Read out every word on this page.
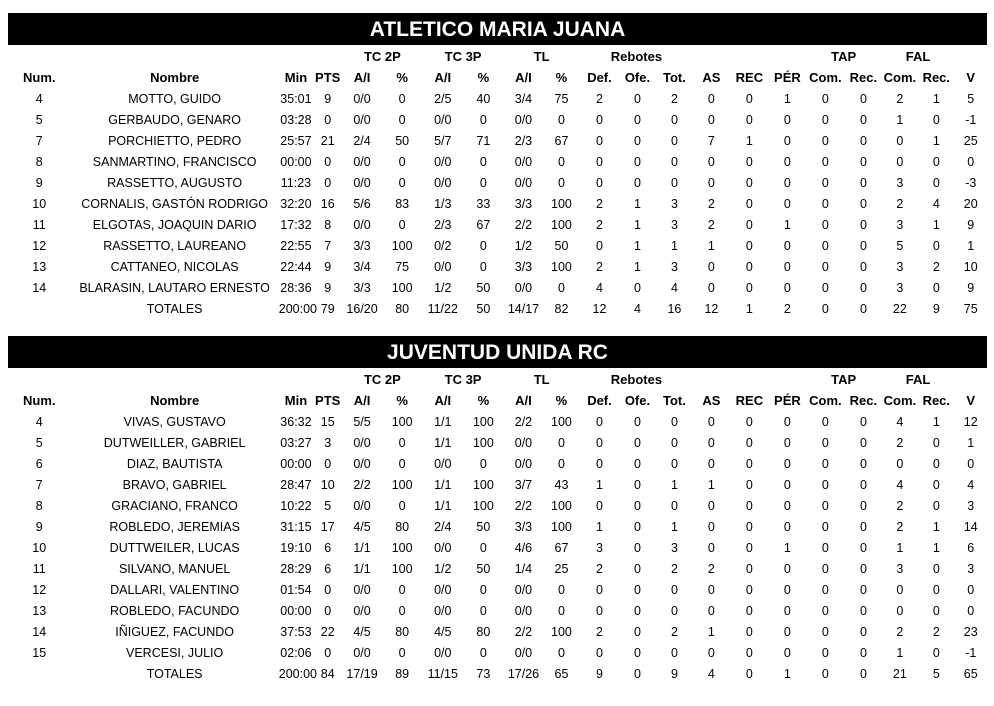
ATLETICO MARIA JUANA
				TC 2P		TC 3P		TL		Rebotes						TAP		FAL		
Num.	Nombre	Min	PTS	A/I	%	A/I	%	A/I	%	Def.	Ofe.	Tot.	AS	REC	PÉR	Com.	Rec.	Com.	Rec.	V
4	MOTTO, GUIDO	35:01	9	0/0	0	2/5	40	3/4	75	2	0	2	0	0	1	0	0	2	1	5
5	GERBAUDO, GENARO	03:28	0	0/0	0	0/0	0	0/0	0	0	0	0	0	0	0	0	0	1	0	-1
7	PORCHIETTO, PEDRO	25:57	21	2/4	50	5/7	71	2/3	67	0	0	0	7	1	0	0	0	0	1	25
8	SANMARTINO, FRANCISCO	00:00	0	0/0	0	0/0	0	0/0	0	0	0	0	0	0	0	0	0	0	0	0
9	RASSETTO, AUGUSTO	11:23	0	0/0	0	0/0	0	0/0	0	0	0	0	0	0	0	0	0	3	0	-3
10	CORNALIS, GASTÓN RODRIGO	32:20	16	5/6	83	1/3	33	3/3	100	2	1	3	2	0	0	0	0	2	4	20
11	ELGOTAS, JOAQUIN DARIO	17:32	8	0/0	0	2/3	67	2/2	100	2	1	3	2	0	1	0	0	3	1	9
12	RASSETTO, LAUREANO	22:55	7	3/3	100	0/2	0	1/2	50	0	1	1	1	0	0	0	0	5	0	1
13	CATTANEO, NICOLAS	22:44	9	3/4	75	0/0	0	3/3	100	2	1	3	0	0	0	0	0	3	2	10
14	BLARASIN, LAUTARO ERNESTO	28:36	9	3/3	100	1/2	50	0/0	0	4	0	4	0	0	0	0	0	3	0	9
	TOTALES	200:00	79	16/20	80	11/22	50	14/17	82	12	4	16	12	1	2	0	0	22	9	75
JUVENTUD UNIDA RC
				TC 2P		TC 3P		TL		Rebotes						TAP		FAL		
Num.	Nombre	Min	PTS	A/I	%	A/I	%	A/I	%	Def.	Ofe.	Tot.	AS	REC	PÉR	Com.	Rec.	Com.	Rec.	V
4	VIVAS, GUSTAVO	36:32	15	5/5	100	1/1	100	2/2	100	0	0	0	0	0	0	0	0	4	1	12
5	DUTWEILLER, GABRIEL	03:27	3	0/0	0	1/1	100	0/0	0	0	0	0	0	0	0	0	0	2	0	1
6	DIAZ, BAUTISTA	00:00	0	0/0	0	0/0	0	0/0	0	0	0	0	0	0	0	0	0	0	0	0
7	BRAVO, GABRIEL	28:47	10	2/2	100	1/1	100	3/7	43	1	0	1	1	0	0	0	0	4	0	4
8	GRACIANO, FRANCO	10:22	5	0/0	0	1/1	100	2/2	100	0	0	0	0	0	0	0	0	2	0	3
9	ROBLEDO, JEREMIAS	31:15	17	4/5	80	2/4	50	3/3	100	1	0	1	0	0	0	0	0	2	1	14
10	DUTTWEILER, LUCAS	19:10	6	1/1	100	0/0	0	4/6	67	3	0	3	0	0	1	0	0	1	1	6
11	SILVANO, MANUEL	28:29	6	1/1	100	1/2	50	1/4	25	2	0	2	2	0	0	0	0	3	0	3
12	DALLARI, VALENTINO	01:54	0	0/0	0	0/0	0	0/0	0	0	0	0	0	0	0	0	0	0	0	0
13	ROBLEDO, FACUNDO	00:00	0	0/0	0	0/0	0	0/0	0	0	0	0	0	0	0	0	0	0	0	0
14	IÑIGUEZ, FACUNDO	37:53	22	4/5	80	4/5	80	2/2	100	2	0	2	1	0	0	0	0	2	2	23
15	VERCESI, JULIO	02:06	0	0/0	0	0/0	0	0/0	0	0	0	0	0	0	0	0	0	1	0	-1
	TOTALES	200:00	84	17/19	89	11/15	73	17/26	65	9	0	9	4	0	1	0	0	21	5	65
